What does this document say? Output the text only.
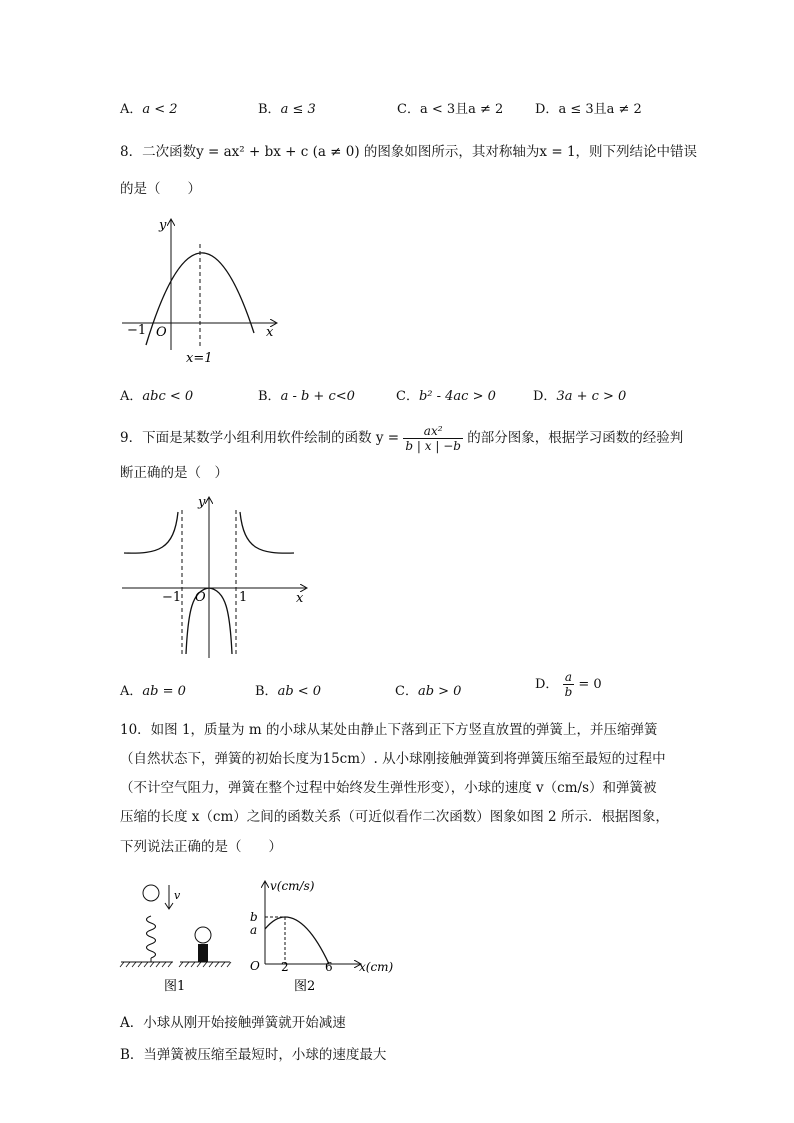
A．a < 2	B．a ≤ 3	C．a < 3且a ≠ 2 D．a ≤ 3且a ≠ 2
8．二次函数y = ax² + bx + c (a ≠ 0) 的图象如图所示，其对称轴为x = 1，则下列结论中错误
的是（　　）
y
x
O
−1
x=1
A．abc < 0	B．a - b + c<0	C．b² - 4ac > 0	D．3a + c > 0
9．下面是某数学小组利用软件绘制的函数 $y = \frac{\text{ax²}}{b | x | -b}$ 的部分图象，根据学习函数的经验判
断正确的是（　）
y
x
O
−1	1
A．ab = 0	B．ab < 0	C．ab > 0	D． $\frac{a}{b} = 0$
10．如图 1，质量为 m 的小球从某处由静止下落到正下方竖直放置的弹簧上，并压缩弹簧
（自然状态下，弹簧的初始长度为15cm）. 从小球刚接触弹簧到将弹簧压缩至最短的过程中
（不计空气阻力，弹簧在整个过程中始终发生弹性形变），小球的速度 v（cm/s）和弹簧被
压缩的长度 x（cm）之间的函数关系（可近似看作二次函数）图象如图 2 所示．根据图象，
下列说法正确的是（　　）
v
图1
v(cm/s)
b
a
O 2	6 x(cm)
图2
A．小球从刚开始接触弹簧就开始减速
B．当弹簧被压缩至最短时，小球的速度最大
